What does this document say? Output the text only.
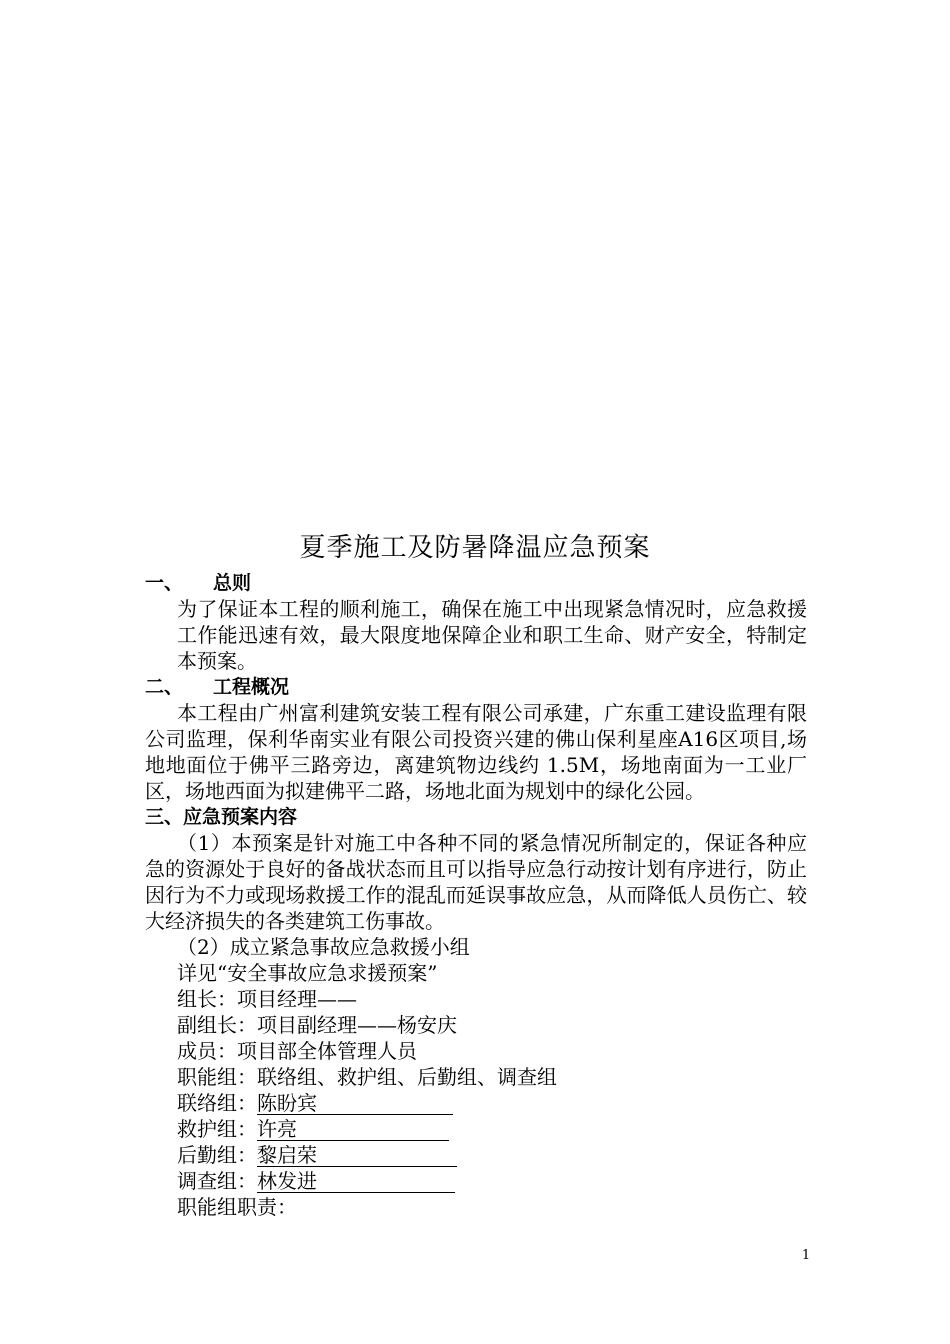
夏季施工及防暑降温应急预案
一、 总则
为了保证本工程的顺利施工，确保在施工中出现紧急情况时，应急救援工作能迅速有效，最大限度地保障企业和职工生命、财产安全，特制定本预案。
二、 工程概况
本工程由广州富利建筑安装工程有限公司承建，广东重工建设监理有限公司监理，保利华南实业有限公司投资兴建的佛山保利星座A16区项目,场地地面位于佛平三路旁边，离建筑物边线约 1.5M，场地南面为一工业厂区，场地西面为拟建佛平二路，场地北面为规划中的绿化公园。
三、应急预案内容
（1）本预案是针对施工中各种不同的紧急情况所制定的，保证各种应急的资源处于良好的备战状态而且可以指导应急行动按计划有序进行，防止因行为不力或现场救援工作的混乱而延误事故应急，从而降低人员伤亡、较大经济损失的各类建筑工伤事故。
（2）成立紧急事故应急救援小组
详见“安全事故应急求援预案”
组长：项目经理——
副组长：项目副经理——杨安庆
成员：项目部全体管理人员
职能组：联络组、救护组、后勤组、调查组
联络组：陈盼宾
救护组：许亮
后勤组：黎启荣
调查组：林发进
职能组职责：
1
